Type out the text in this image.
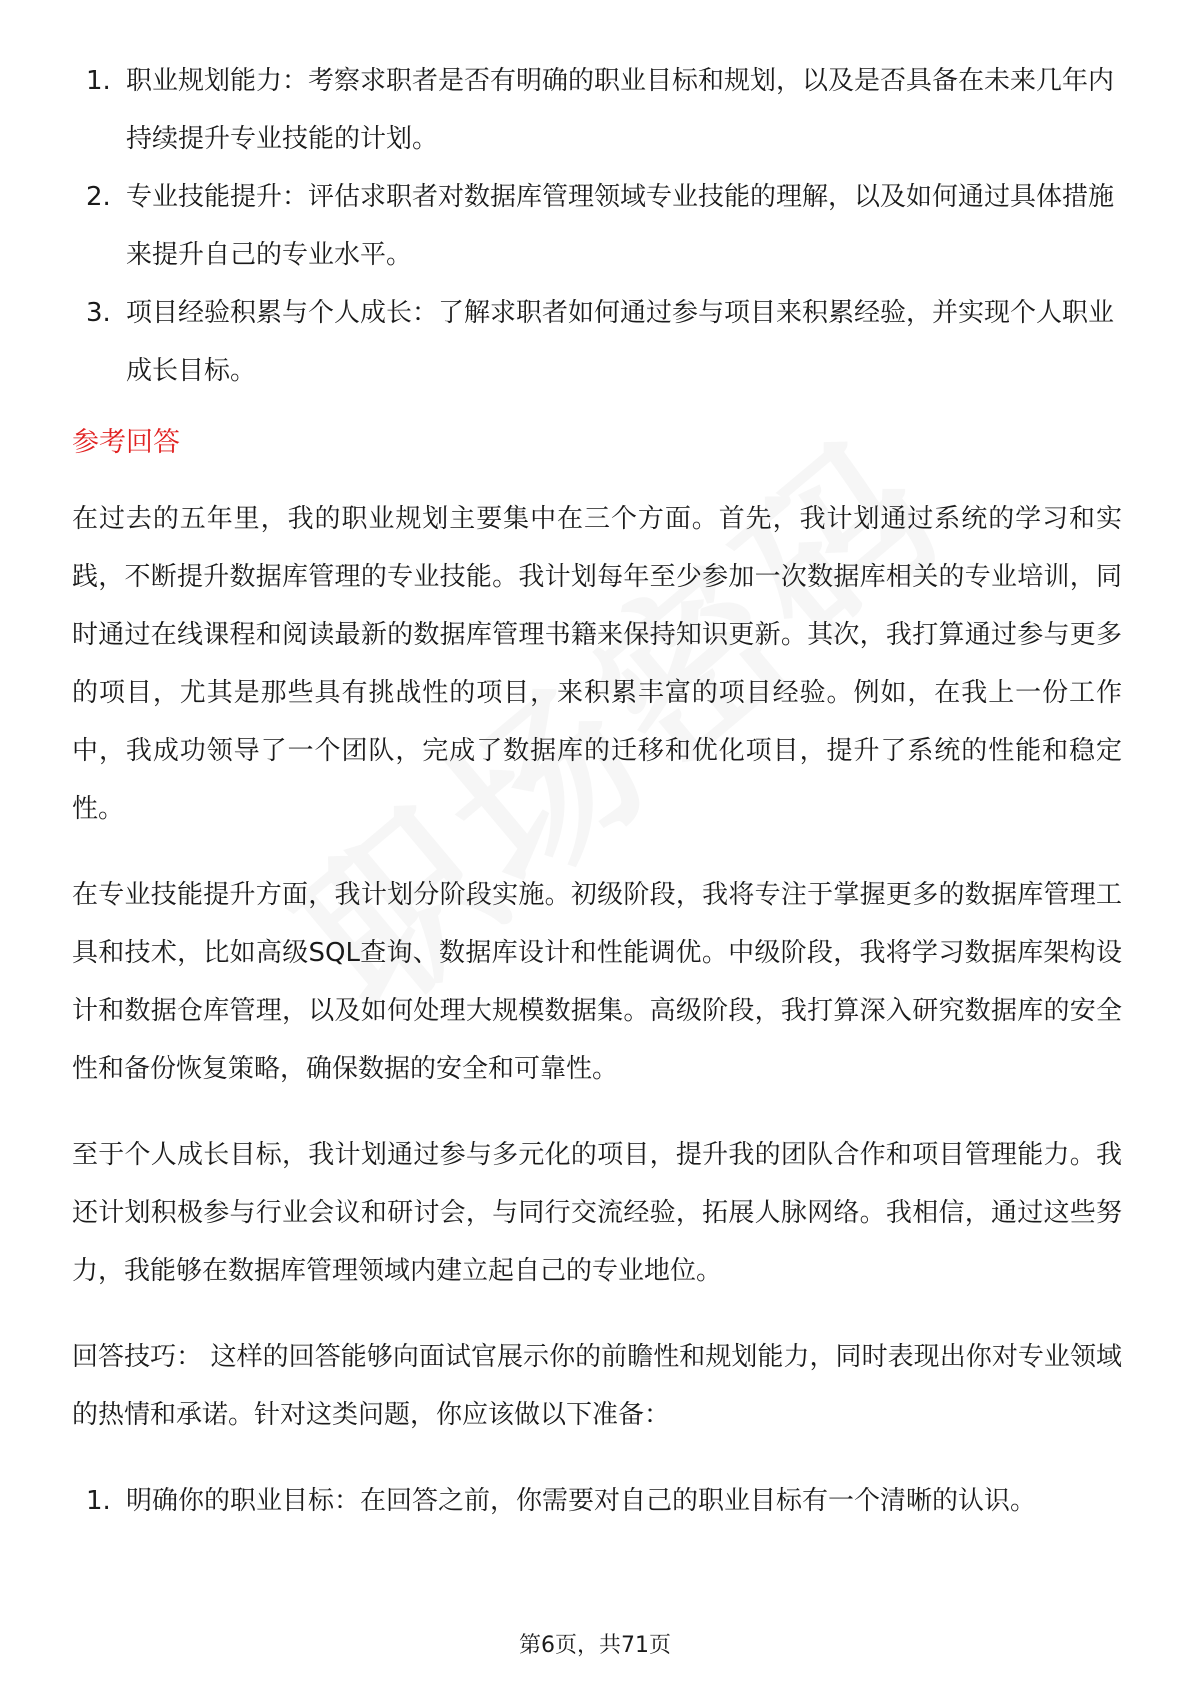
1. 职业规划能力：考察求职者是否有明确的职业目标和规划，以及是否具备在未来几年内持续提升专业技能的计划。
2. 专业技能提升：评估求职者对数据库管理领域专业技能的理解，以及如何通过具体措施来提升自己的专业水平。
3. 项目经验积累与个人成长：了解求职者如何通过参与项目来积累经验，并实现个人职业成长目标。
参考回答

在过去的五年里，我的职业规划主要集中在三个方面。首先，我计划通过系统的学习和实践，不断提升数据库管理的专业技能。我计划每年至少参加一次数据库相关的专业培训，同时通过在线课程和阅读最新的数据库管理书籍来保持知识更新。其次，我打算通过参与更多的项目，尤其是那些具有挑战性的项目，来积累丰富的项目经验。例如，在我上一份工作中，我成功领导了一个团队，完成了数据库的迁移和优化项目，提升了系统的性能和稳定性。

在专业技能提升方面，我计划分阶段实施。初级阶段，我将专注于掌握更多的数据库管理工具和技术，比如高级SQL查询、数据库设计和性能调优。中级阶段，我将学习数据库架构设计和数据仓库管理，以及如何处理大规模数据集。高级阶段，我打算深入研究数据库的安全性和备份恢复策略，确保数据的安全和可靠性。

至于个人成长目标，我计划通过参与多元化的项目，提升我的团队合作和项目管理能力。我还计划积极参与行业会议和研讨会，与同行交流经验，拓展人脉网络。我相信，通过这些努力，我能够在数据库管理领域内建立起自己的专业地位。

回答技巧： 这样的回答能够向面试官展示你的前瞻性和规划能力，同时表现出你对专业领域的热情和承诺。针对这类问题，你应该做以下准备：

1. 明确你的职业目标：在回答之前，你需要对自己的职业目标有一个清晰的认识。
第6页，共71页
